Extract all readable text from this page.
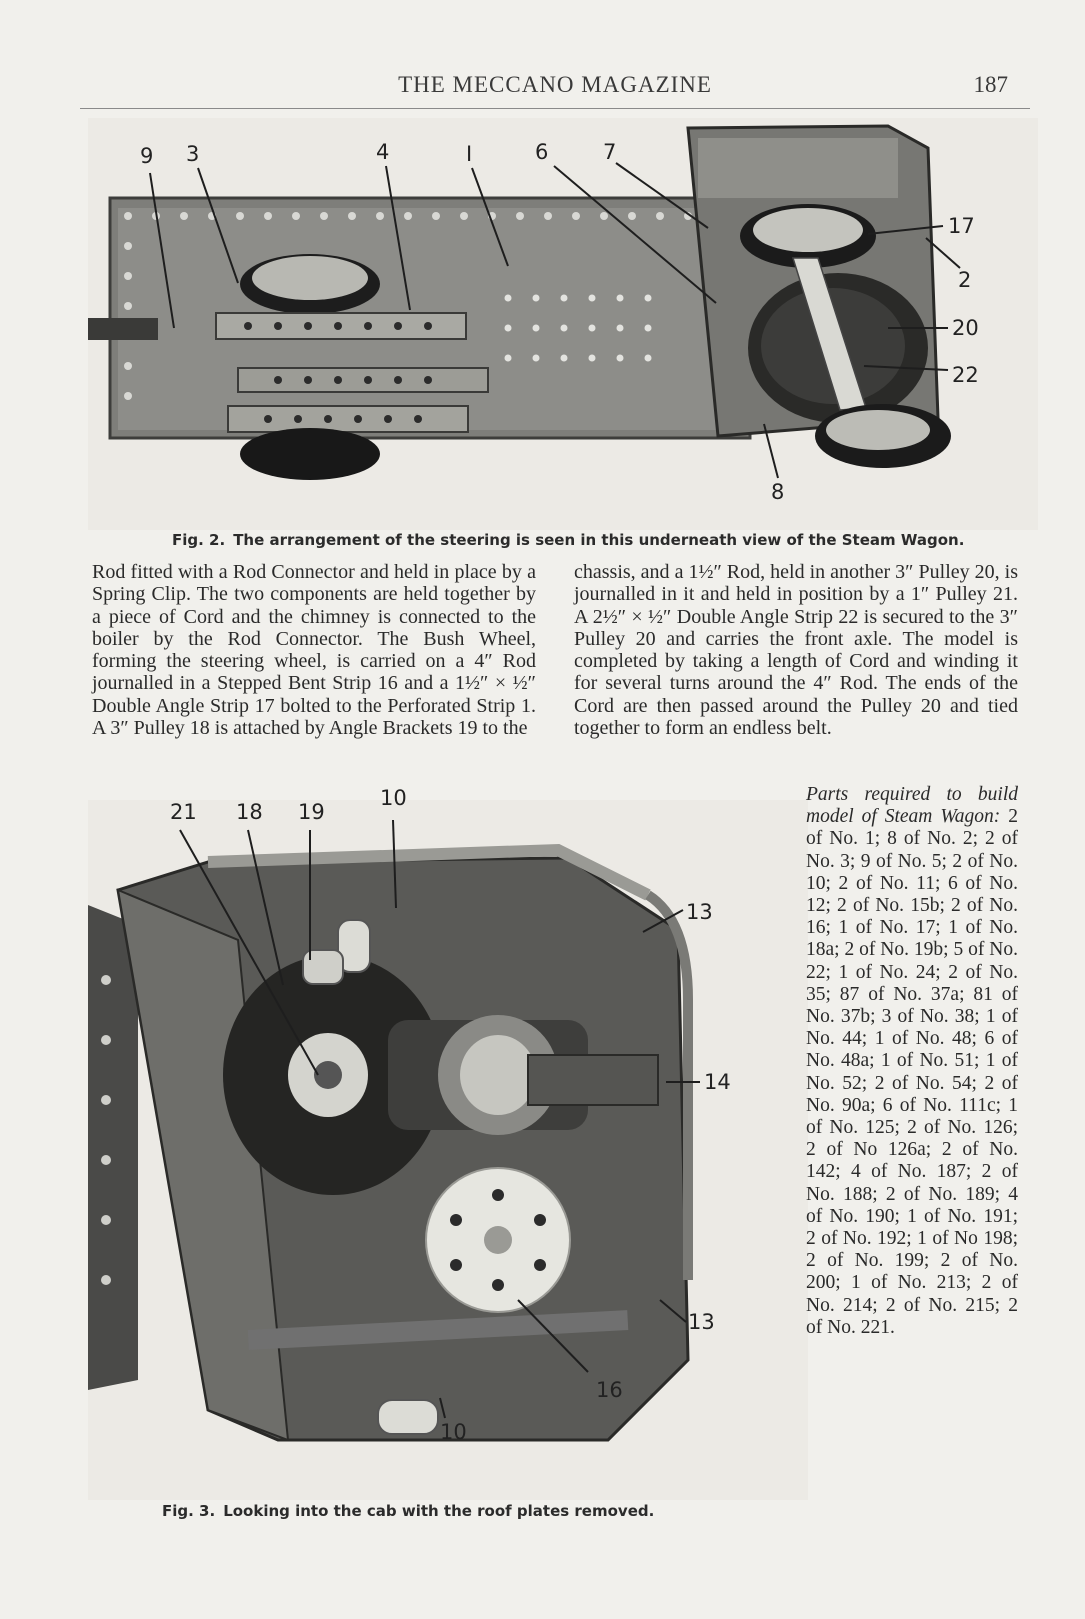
THE MECCANO MAGAZINE	187
9 3	4	I	6	7
17
2
20
22
8
Fig. 2. The arrangement of the steering is seen in this underneath view of the Steam Wagon.

Rod fitted with a Rod Connector and held in place by a Spring Clip. The two components are held together by a piece of Cord and the chimney is connected to the boiler by the Rod Connector. The Bush Wheel, forming the steering wheel, is carried on a 4″ Rod journalled in a Stepped Bent Strip 16 and a 1½″ × ½″ Double Angle Strip 17 bolted to the Perforated Strip 1. A 3″ Pulley 18 is attached by Angle Brackets 19 to the

chassis, and a 1½″ Rod, held in another 3″ Pulley 20, is journalled in it and held in position by a 1″ Pulley 21. A 2½″ × ½″ Double Angle Strip 22 is secured to the 3″ Pulley 20 and carries the front axle. The model is completed by taking a length of Cord and winding it for several turns around the 4″ Rod. The ends of the Cord are then passed around the Pulley 20 and tied together to form an endless belt.

21 18 19
10
13
14
13
16
10
Fig. 3. Looking into the cab with the roof plates removed.

Parts required to build model of Steam Wagon: 2 of No. 1; 8 of No. 2; 2 of No. 3; 9 of No. 5; 2 of No. 10; 2 of No. 11; 6 of No. 12; 2 of No. 15b; 2 of No. 16; 1 of No. 17; 1 of No. 18a; 2 of No. 19b; 5 of No. 22; 1 of No. 24; 2 of No. 35; 87 of No. 37a; 81 of No. 37b; 3 of No. 38; 1 of No. 44; 1 of No. 48; 6 of No. 48a; 1 of No. 51; 1 of No. 52; 2 of No. 54; 2 of No. 90a; 6 of No. 111c; 1 of No. 125; 2 of No. 126; 2 of No 126a; 2 of No. 142; 4 of No. 187; 2 of No. 188; 2 of No. 189; 4 of No. 190; 1 of No. 191; 2 of No. 192; 1 of No 198; 2 of No. 199; 2 of No. 200; 1 of No. 213; 2 of No. 214; 2 of No. 215; 2 of No. 221.
